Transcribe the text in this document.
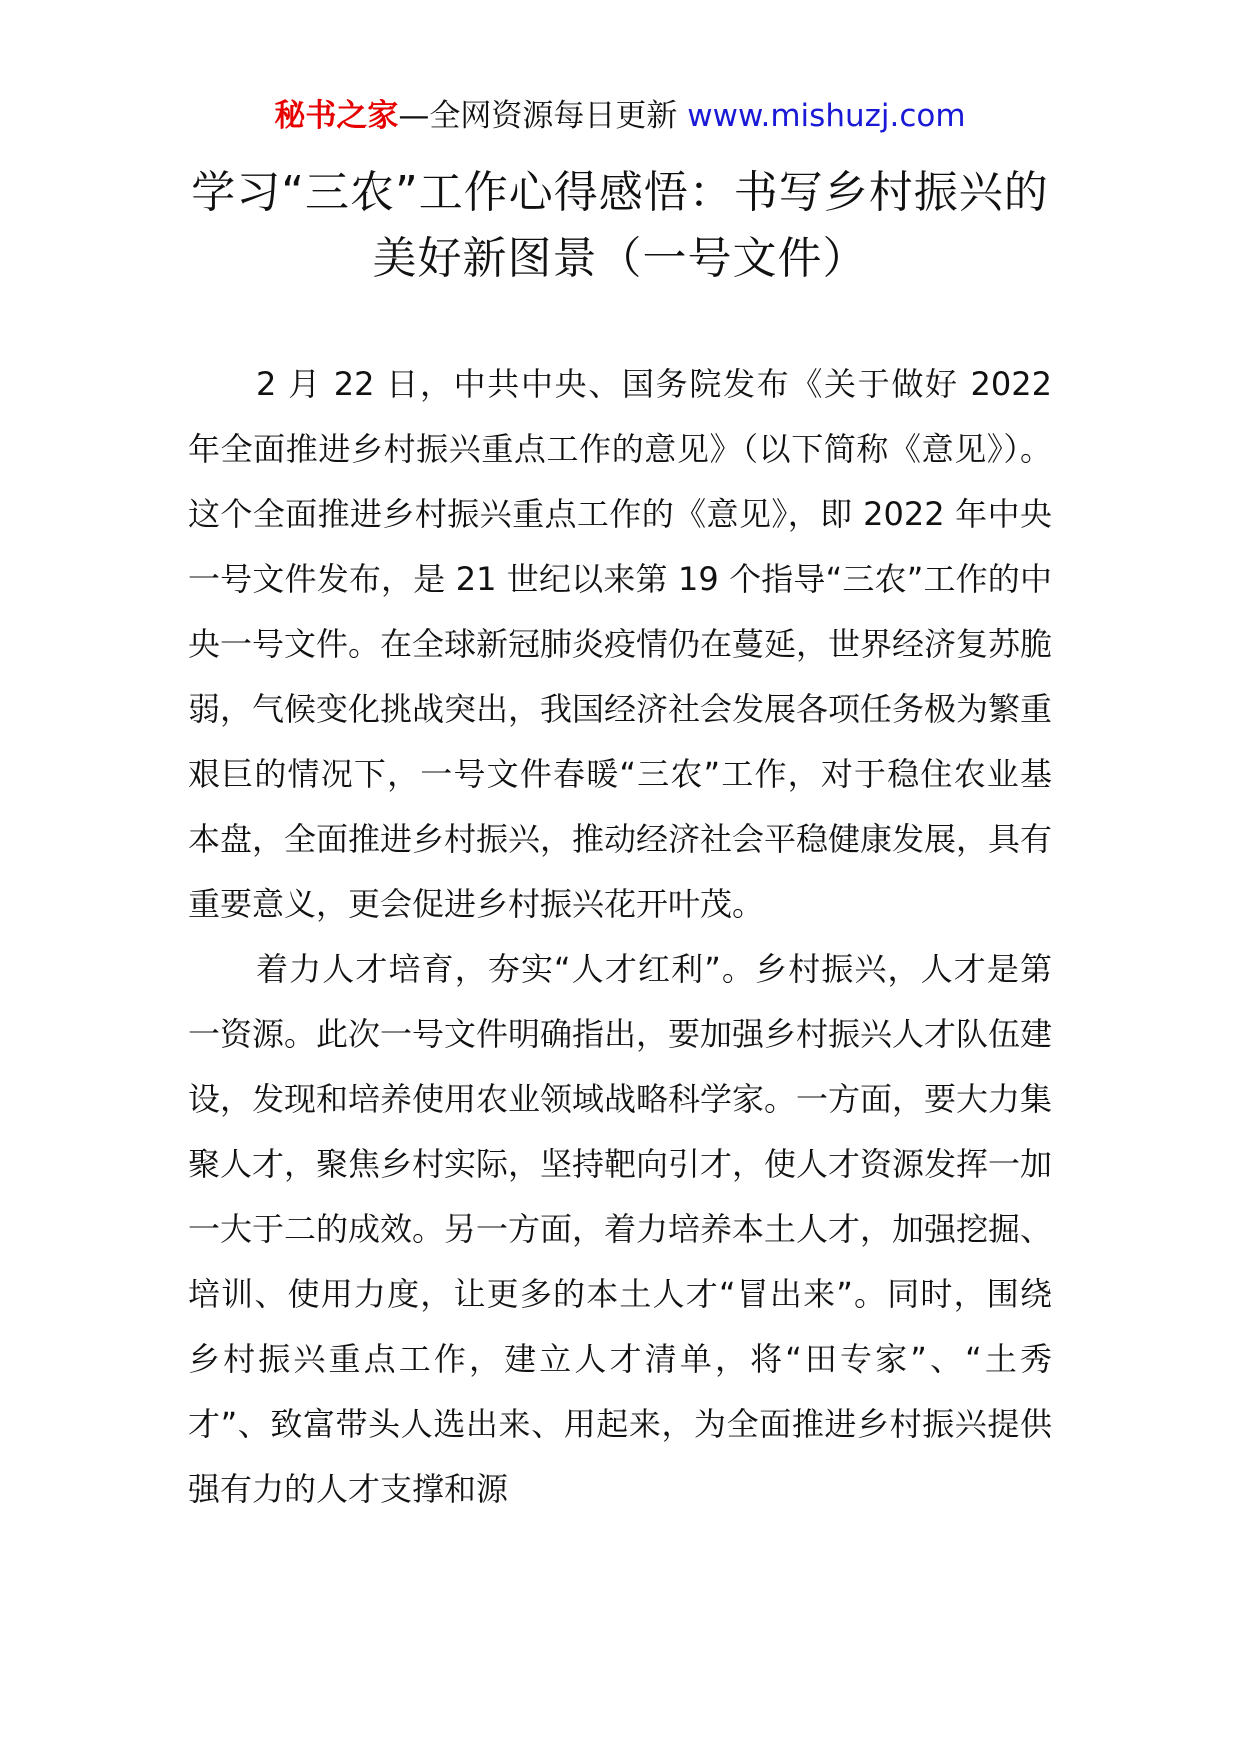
秘书之家—全网资源每日更新 www.mishuzj.com
学习“三农”工作心得感悟：书写乡村振兴的美好新图景（一号文件）

2 月 22 日，中共中央、国务院发布《关于做好 2022 年全面推进乡村振兴重点工作的意见》（以下简称《意见》）。这个全面推进乡村振兴重点工作的《意见》，即 2022 年中央一号文件发布，是 21 世纪以来第 19 个指导“三农”工作的中央一号文件。在全球新冠肺炎疫情仍在蔓延，世界经济复苏脆弱，气候变化挑战突出，我国经济社会发展各项任务极为繁重艰巨的情况下，一号文件春暖“三农”工作，对于稳住农业基本盘，全面推进乡村振兴，推动经济社会平稳健康发展，具有重要意义，更会促进乡村振兴花开叶茂。

着力人才培育，夯实“人才红利”。乡村振兴，人才是第一资源。此次一号文件明确指出，要加强乡村振兴人才队伍建设，发现和培养使用农业领域战略科学家。一方面，要大力集聚人才，聚焦乡村实际，坚持靶向引才，使人才资源发挥一加一大于二的成效。另一方面，着力培养本土人才，加强挖掘、培训、使用力度，让更多的本土人才“冒出来”。同时，围绕乡村振兴重点工作，建立人才清单，将“田专家”、“土秀才”、致富带头人选出来、用起来，为全面推进乡村振兴提供强有力的人才支撑和源
